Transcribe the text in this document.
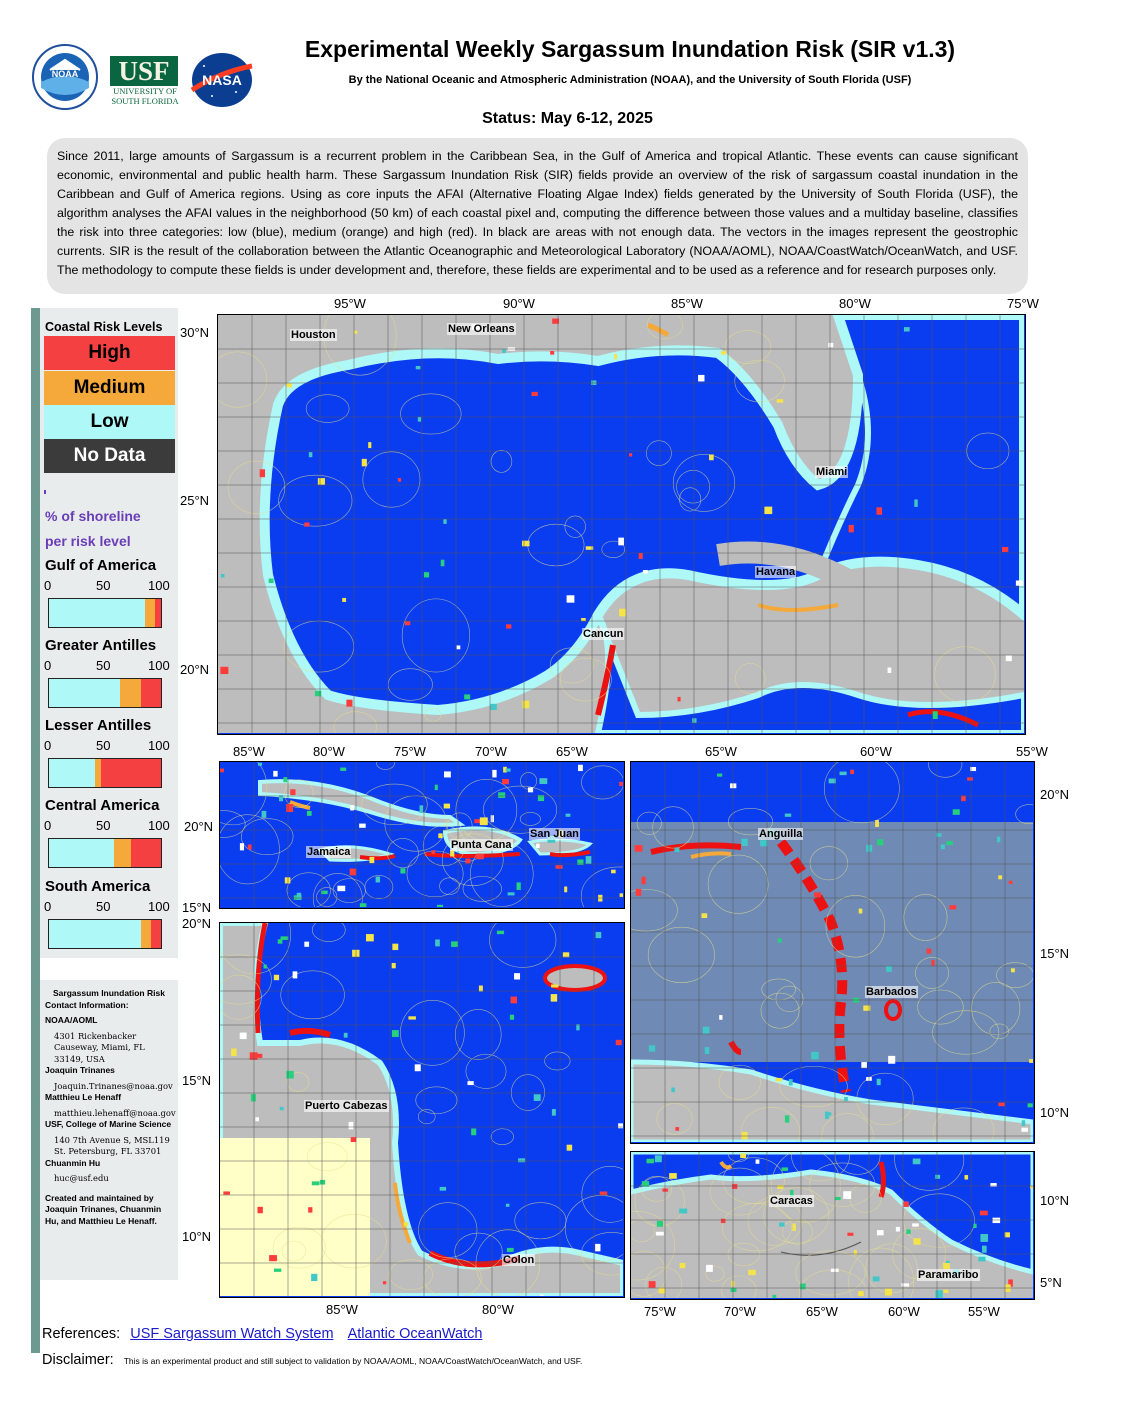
NOAA	USF
UNIVERSITY OF
SOUTH FLORIDA
NASA
Experimental Weekly Sargassum Inundation Risk (SIR v1.3)
By the National Oceanic and Atmospheric Administration (NOAA), and the University of South Florida (USF)
Status: May 6-12, 2025
Since 2011, large amounts of Sargassum is a recurrent problem in the Caribbean Sea, in the Gulf of America and tropical Atlantic. These events can cause significant economic, environmental and public health harm. These Sargassum Inundation Risk (SIR) fields provide an overview of the risk of sargassum coastal inundation in the Caribbean and Gulf of America regions. Using as core inputs the AFAI (Alternative Floating Algae Index) fields generated by the University of South Florida (USF), the algorithm analyses the AFAI values in the neighborhood (50 km) of each coastal pixel and, computing the difference between those values and a multiday baseline, classifies the risk into three categories: low (blue), medium (orange) and high (red). In black are areas with not enough data. The vectors in the images represent the geostrophic currents. SIR is the result of the collaboration between the Atlantic Oceanographic and Meteorological Laboratory (NOAA/AOML), NOAA/CoastWatch/OceanWatch, and USF. The methodology to compute these fields is under development and, therefore, these fields are experimental and to be used as a reference and for research purposes only.
Coastal Risk Levels
High
Medium
Low
No Data
% of shoreline
per risk level
Gulf of America
0	50	100
Greater Antilles
0	50	100
Lesser Antilles
0	50	100
Central America
0	50	100
South America
0	50	100
Sargassum Inundation Risk
Contact Information:
NOAA/AOML
4301 Rickenbacker
Causeway, Miami, FL
33149, USA
Joaquin Trinanes
Joaquin.Trinanes@noaa.gov
Matthieu Le Henaff
matthieu.lehenaff@noaa.gov
USF, College of Marine Science
140 7th Avenue S, MSL119
St. Petersburg, FL 33701
Chuanmin Hu
huc@usf.edu
Created and maintained by Joaquin Trinanes, Chuanmin Hu, and Matthieu Le Henaff.
95°W	90°W	85°W	80°W	75°W
30°N
25°N
20°N
Houston	New Orleans
Miami
Havana
Cancun
85°W	80°W	75°W	70°W	65°W
20°N
15°N
Jamaica
Punta Cana
San Juan
20°N
15°N
10°N
85°W	80°W
Puerto Cabezas
Colon
65°W	60°W	55°W
20°N
15°N
10°N
Anguilla
Barbados
10°N
5°N
75°W	70°W	65°W	60°W	55°W
Caracas
Paramaribo
References: USF Sargassum Watch System Atlantic OceanWatch
Disclaimer: This is an experimental product and still subject to validation by NOAA/AOML, NOAA/CoastWatch/OceanWatch, and USF.
